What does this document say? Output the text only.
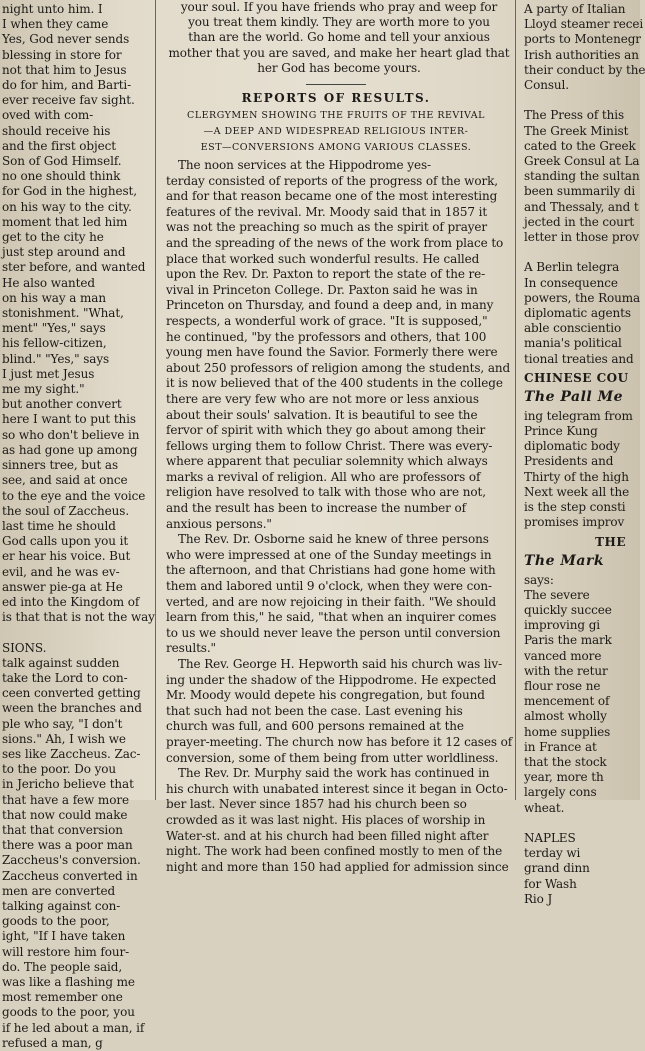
night unto him. I
I when they came
Yes, God never sends
blessing in store for
not that him to Jesus
do for him, and Barti-
ever receive fav sight.
oved with com-
should receive his
and the first object
Son of God Himself.
no one should think
for God in the highest,
on his way to the city.
moment that led him
get to the city he
just step around and
ster before, and wanted
He also wanted
on his way a man
stonishment. "What,
ment" "Yes," says
his fellow-citizen,
blind." "Yes," says
I just met Jesus
me my sight."
but another convert
here I want to put this
so who don't believe in
as had gone up among
sinners tree, but as
see, and said at once
to the eye and the voice
the soul of Zaccheus.
last time he should
God calls upon you it
er hear his voice. But
evil, and he was ev-
answer pie-ga at He
ed into the Kingdom of
is that that is not the way

SIONS.
talk against sudden
take the Lord to con-
ceen converted getting
ween the branches and
ple who say, "I don't
sions." Ah, I wish we
ses like Zaccheus. Zac-
to the poor. Do you
in Jericho believe that
that have a few more
that now could make
that that conversion
there was a poor man
Zaccheus's conversion.
Zaccheus converted in
men are converted
talking against con-
goods to the poor,
ight, "If I have taken
will restore him four-
do. The people said,
was like a flashing me
most remember one
goods to the poor, you
if he led about a man, if
refused a man, g
your soul. If you have friends who pray and weep for
you treat them kindly. They are worth more to you
than are the world. Go home and tell your anxious
mother that you are saved, and make her heart glad that
her God has become yours.
REPORTS OF RESULTS.
CLERGYMEN SHOWING THE FRUITS OF THE REVIVAL
—A DEEP AND WIDESPREAD RELIGIOUS INTER-
EST—CONVERSIONS AMONG VARIOUS CLASSES.
The noon services at the Hippodrome yes-
terday consisted of reports of the progress of the work,
and for that reason became one of the most interesting
features of the revival. Mr. Moody said that in 1857 it
was not the preaching so much as the spirit of prayer
and the spreading of the news of the work from place to
place that worked such wonderful results. He called
upon the Rev. Dr. Paxton to report the state of the re-
vival in Princeton College. Dr. Paxton said he was in
Princeton on Thursday, and found a deep and, in many
respects, a wonderful work of grace. "It is supposed,"
he continued, "by the professors and others, that 100
young men have found the Savior. Formerly there were
about 250 professors of religion among the students, and
it is now believed that of the 400 students in the college
there are very few who are not more or less anxious
about their souls' salvation. It is beautiful to see the
fervor of spirit with which they go about among their
fellows urging them to follow Christ. There was every-
where apparent that peculiar solemnity which always
marks a revival of religion. All who are professors of
religion have resolved to talk with those who are not,
and the result has been to increase the number of
anxious persons."
The Rev. Dr. Osborne said he knew of three persons
who were impressed at one of the Sunday meetings in
the afternoon, and that Christians had gone home with
them and labored until 9 o'clock, when they were con-
verted, and are now rejoicing in their faith. "We should
learn from this," he said, "that when an inquirer comes
to us we should never leave the person until conversion
results."
The Rev. George H. Hepworth said his church was liv-
ing under the shadow of the Hippodrome. He expected
Mr. Moody would depete his congregation, but found
that such had not been the case. Last evening his
church was full, and 600 persons remained at the
prayer-meeting. The church now has before it 12 cases of
conversion, some of them being from utter worldliness.
The Rev. Dr. Murphy said the work has continued in
his church with unabated interest since it began in Octo-
ber last. Never since 1857 had his church been so
crowded as it was last night. His places of worship in
Water-st. and at his church had been filled night after
night. The work had been confined mostly to men of the
night and more than 150 had applied for admission since
A party of Italian
Lloyd steamer recei
ports to Montenegr
Irish authorities an
their conduct by the
Consul.

The Press of this
The Greek Minist
cated to the Greek
Greek Consul at La
standing the sultan
been summarily di
and Thessaly, and t
jected in the court
letter in those prov

A Berlin telegra
In consequence
powers, the Rouma
diplomatic agents
able conscientio
mania's political
tional treaties and
CHINESE COU
The Pall Me
ing telegram from
Prince Kung
diplomatic body
Presidents and
Thirty of the high
Next week all the
is the step consti
promises improv
THE
The Mark
says:
The severe
quickly succee
improving gi
Paris the mark
vanced more
with the retur
flour rose ne
mencement of
almost wholly
home supplies
in France at
that the stock
year, more th
largely cons
wheat.

NAPLES
terday wi
grand dinn
for Wash
Rio J
